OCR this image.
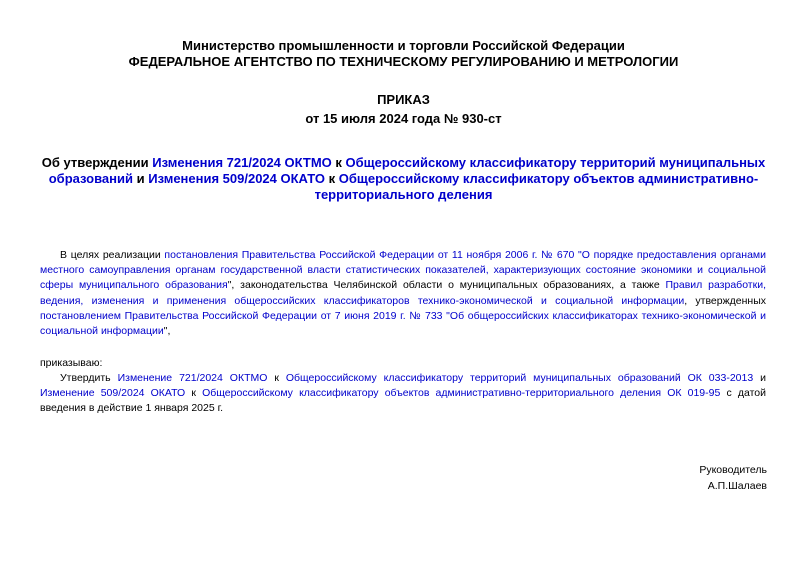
Министерство промышленности и торговли Российской Федерации
ФЕДЕРАЛЬНОЕ АГЕНТСТВО ПО ТЕХНИЧЕСКОМУ РЕГУЛИРОВАНИЮ И МЕТРОЛОГИИ
ПРИКАЗ
от 15 июля 2024 года № 930-ст
Об утверждении Изменения 721/2024 ОКТМО к Общероссийскому классификатору территорий муниципальных образований и Изменения 509/2024 ОКАТО к Общероссийскому классификатору объектов административно-территориального деления
В целях реализации постановления Правительства Российской Федерации от 11 ноября 2006 г. № 670 "О порядке предоставления органами местного самоуправления органам государственной власти статистических показателей, характеризующих состояние экономики и социальной сферы муниципального образования", законодательства Челябинской области о муниципальных образованиях, а также Правил разработки, ведения, изменения и применения общероссийских классификаторов технико-экономической и социальной информации, утвержденных постановлением Правительства Российской Федерации от 7 июня 2019 г. № 733 "Об общероссийских классификаторах технико-экономической и социальной информации",
приказываю:
Утвердить Изменение 721/2024 ОКТМО к Общероссийскому классификатору территорий муниципальных образований ОК 033-2013 и Изменение 509/2024 ОКАТО к Общероссийскому классификатору объектов административно-территориального деления ОК 019-95 с датой введения в действие 1 января 2025 г.
Руководитель
А.П.Шалаев
